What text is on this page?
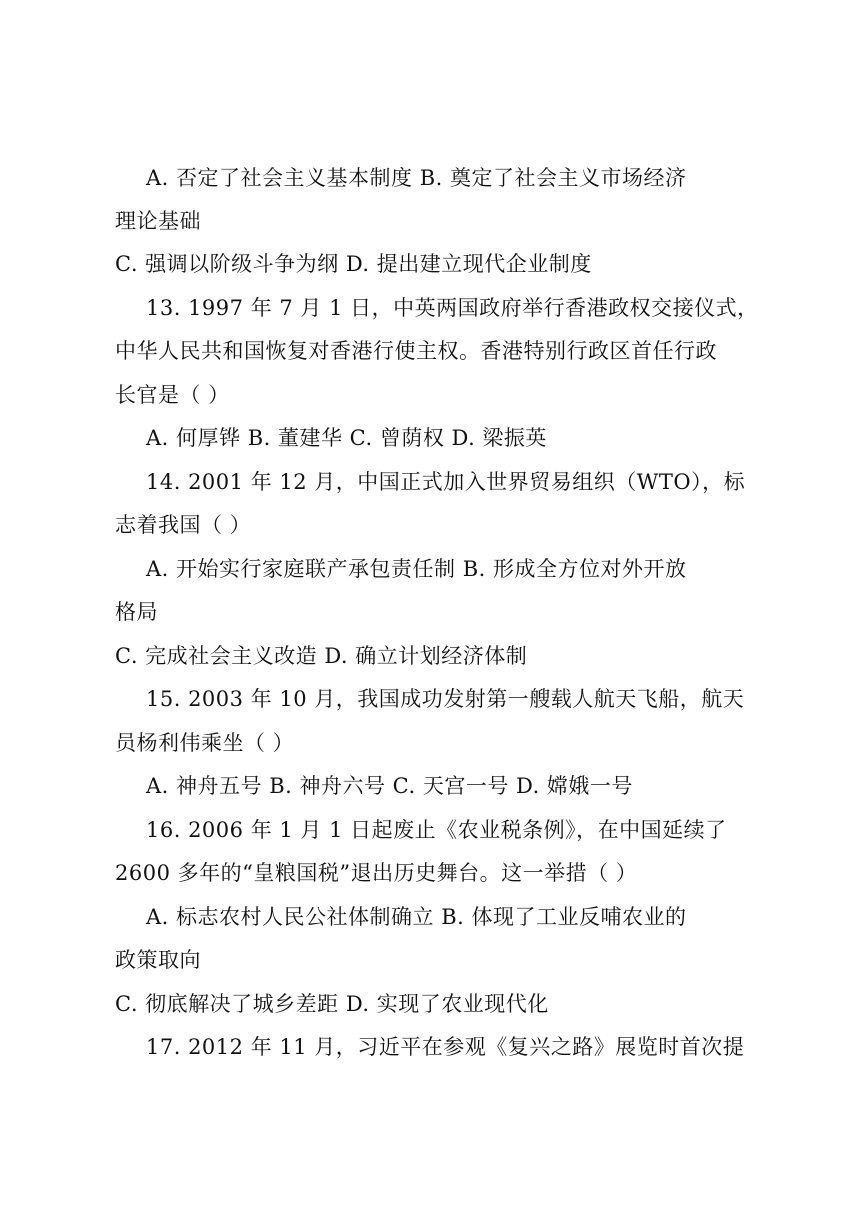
A. 否定了社会主义基本制度 B. 奠定了社会主义市场经济
理论基础
C. 强调以阶级斗争为纲 D. 提出建立现代企业制度
13. 1997 年 7 月 1 日，中英两国政府举行香港政权交接仪式，
中华人民共和国恢复对香港行使主权。香港特别行政区首任行政
长官是（ ）
A. 何厚铧 B. 董建华 C. 曾荫权 D. 梁振英
14. 2001 年 12 月，中国正式加入世界贸易组织（WTO），标
志着我国（ ）
A. 开始实行家庭联产承包责任制 B. 形成全方位对外开放
格局
C. 完成社会主义改造 D. 确立计划经济体制
15. 2003 年 10 月，我国成功发射第一艘载人航天飞船，航天
员杨利伟乘坐（ ）
A. 神舟五号 B. 神舟六号 C. 天宫一号 D. 嫦娥一号
16. 2006 年 1 月 1 日起废止《农业税条例》，在中国延续了
2600 多年的“皇粮国税”退出历史舞台。这一举措（ ）
A. 标志农村人民公社体制确立 B. 体现了工业反哺农业的
政策取向
C. 彻底解决了城乡差距 D. 实现了农业现代化
17. 2012 年 11 月，习近平在参观《复兴之路》展览时首次提
